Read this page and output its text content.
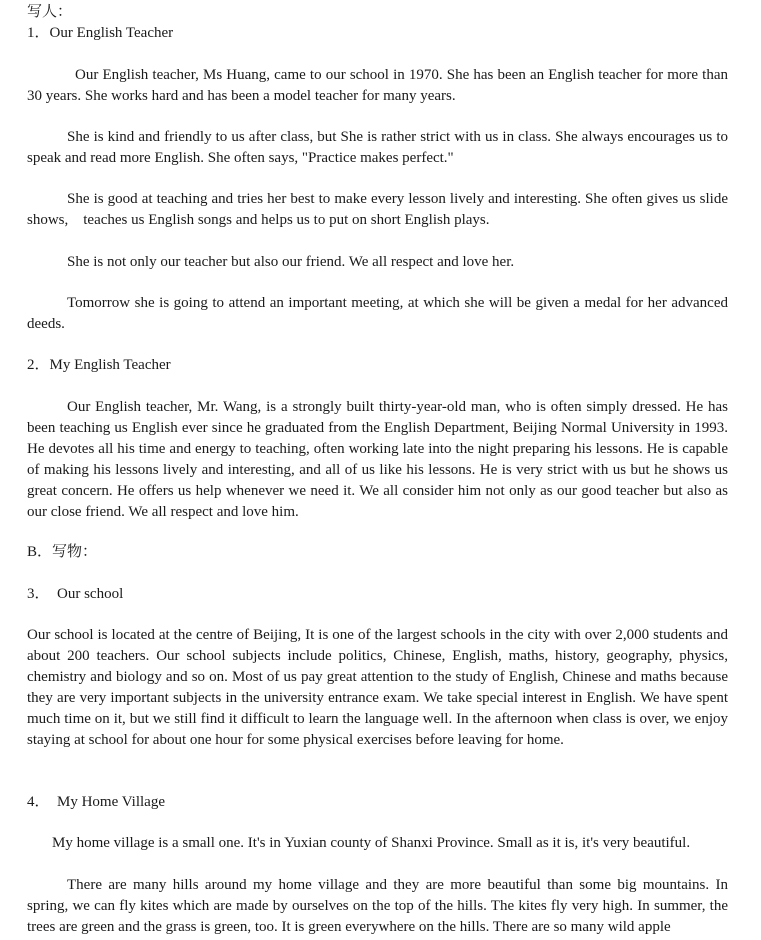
写人：
1．Our English Teacher
Our English teacher, Ms Huang, came to our school in 1970. She has been an English teacher for more than 30 years. She works hard and has been a model teacher for many years.
She is kind and friendly to us after class, but She is rather strict with us in class. She always encourages us to speak and read more English. She often says, "Practice makes perfect."
She is good at teaching and tries her best to make every lesson lively and interesting. She often gives us slide shows,    teaches us English songs and helps us to put on short English plays.
She is not only our teacher but also our friend. We all respect and love her.
Tomorrow she is going to attend an important meeting, at which she will be given a medal for her advanced deeds.
2．My English Teacher
Our English teacher, Mr. Wang, is a strongly built thirty-year-old man, who is often simply dressed. He has been teaching us English ever since he graduated from the English Department, Beijing Normal University in 1993. He devotes all his time and energy to teaching, often working late into the night preparing his lessons. He is capable of making his lessons lively and interesting, and all of us like his lessons. He is very strict with us but he shows us great concern. He offers us help whenever we need it. We all consider him not only as our good teacher but also as our close friend. We all respect and love him.
B．写物：
3．  Our school
Our school is located at the centre of Beijing, It is one of the largest schools in the city with over 2,000 students and about 200 teachers. Our school subjects include politics, Chinese, English, maths, history, geography, physics, chemistry and biology and so on. Most of us pay great attention to the study of English, Chinese and maths because they are very important subjects in the university entrance exam. We take special interest in English. We have spent much time on it, but we still find it difficult to learn the language well. In the afternoon when class is over, we enjoy staying at school for about one hour for some physical exercises before leaving for home.
4．  My Home Village
My home village is a small one. It's in Yuxian county of Shanxi Province. Small as it is, it's very beautiful.
There are many hills around my home village and they are more beautiful than some big mountains. In spring, we can fly kites which are made by ourselves on the top of the hills. The kites fly very high. In summer, the trees are green and the grass is green, too. It is green everywhere on the hills. There are so many wild apple
